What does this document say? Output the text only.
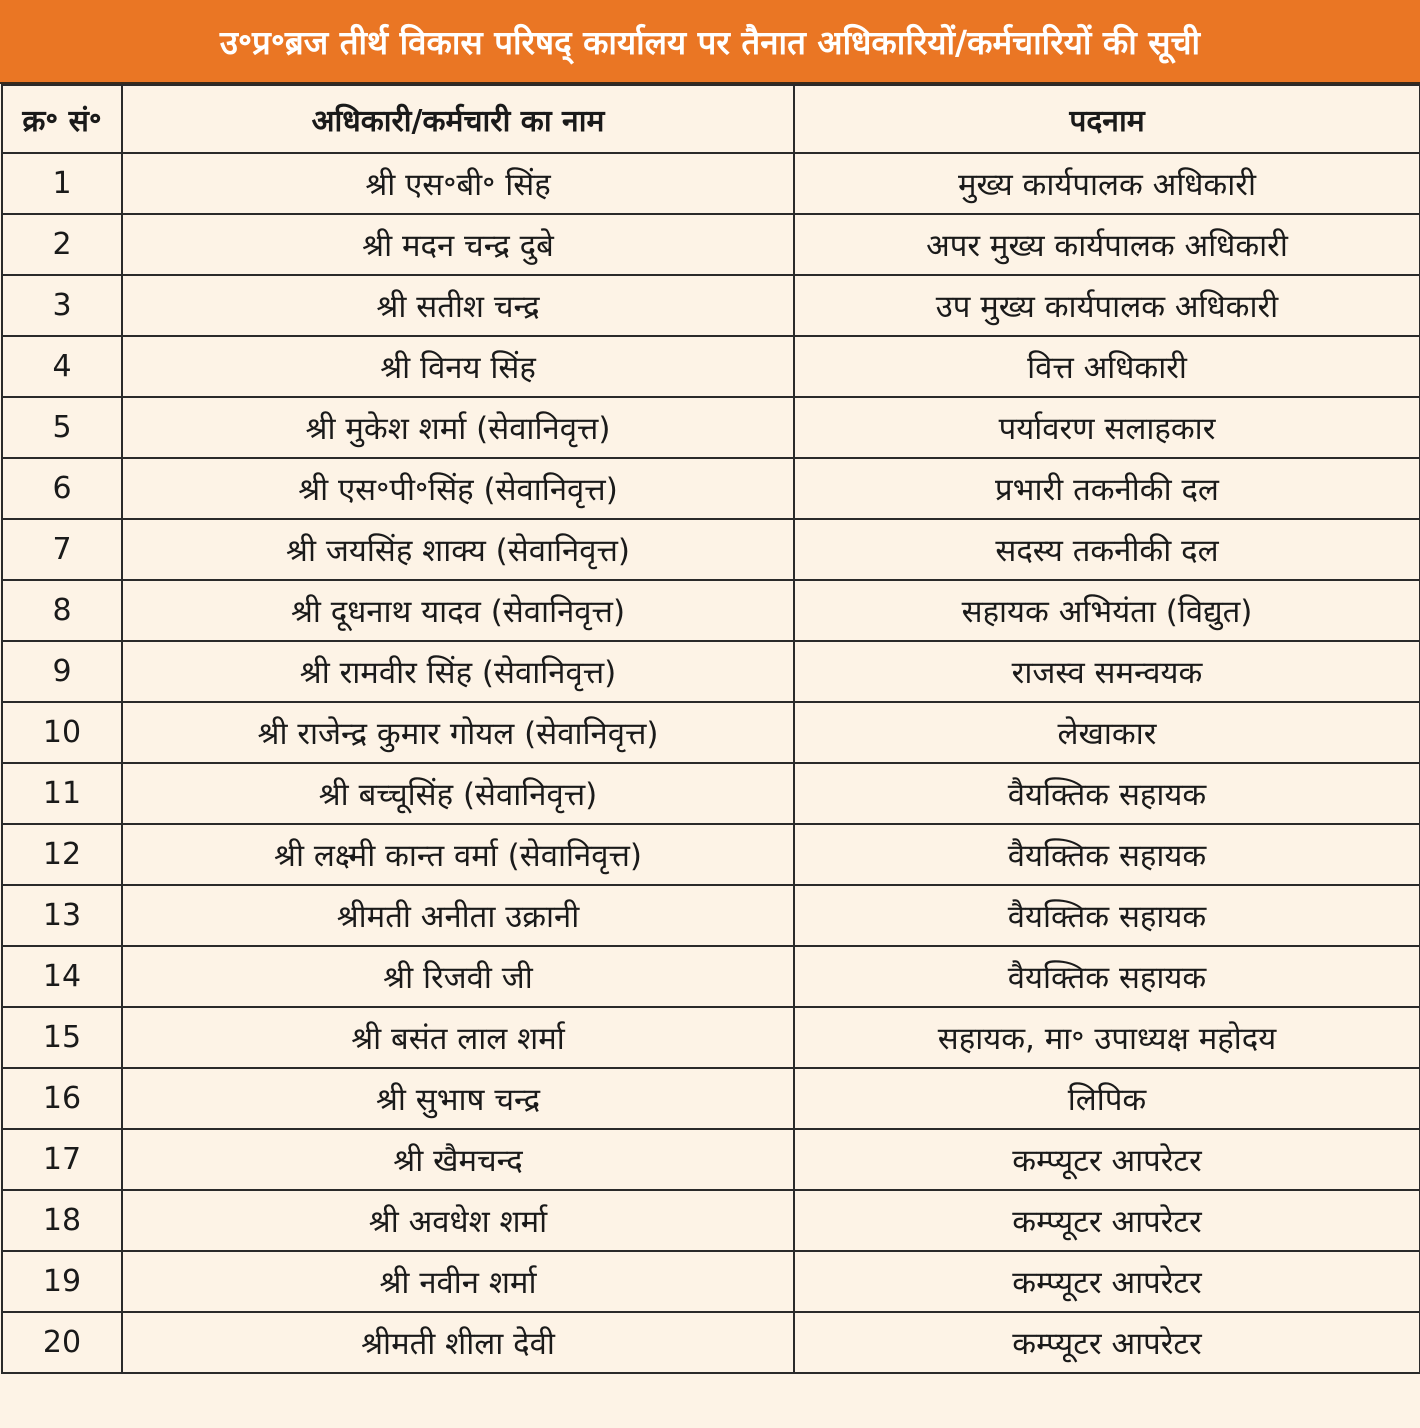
उ॰प्र॰ब्रज तीर्थ विकास परिषद् कार्यालय पर तैनात अधिकारियों/कर्मचारियों की सूची
क्र॰ सं॰	अधिकारी/कर्मचारी का नाम	पदनाम
1	श्री एस॰बी॰ सिंह	मुख्य कार्यपालक अधिकारी
2	श्री मदन चन्द्र दुबे	अपर मुख्य कार्यपालक अधिकारी
3	श्री सतीश चन्द्र	उप मुख्य कार्यपालक अधिकारी
4	श्री विनय सिंह	वित्त अधिकारी
5	श्री मुकेश शर्मा (सेवानिवृत्त)	पर्यावरण सलाहकार
6	श्री एस॰पी॰सिंह (सेवानिवृत्त)	प्रभारी तकनीकी दल
7	श्री जयसिंह शाक्य (सेवानिवृत्त)	सदस्य तकनीकी दल
8	श्री दूधनाथ यादव (सेवानिवृत्त)	सहायक अभियंता (विद्युत)
9	श्री रामवीर सिंह (सेवानिवृत्त)	राजस्व समन्वयक
10	श्री राजेन्द्र कुमार गोयल (सेवानिवृत्त)	लेखाकार
11	श्री बच्चूसिंह (सेवानिवृत्त)	वैयक्तिक सहायक
12	श्री लक्ष्मी कान्त वर्मा (सेवानिवृत्त)	वैयक्तिक सहायक
13	श्रीमती अनीता उक्रानी	वैयक्तिक सहायक
14	श्री रिजवी जी	वैयक्तिक सहायक
15	श्री बसंत लाल शर्मा	सहायक, मा॰ उपाध्यक्ष महोदय
16	श्री सुभाष चन्द्र	लिपिक
17	श्री खैमचन्द	कम्प्यूटर आपरेटर
18	श्री अवधेश शर्मा	कम्प्यूटर आपरेटर
19	श्री नवीन शर्मा	कम्प्यूटर आपरेटर
20	श्रीमती शीला देवी	कम्प्यूटर आपरेटर
